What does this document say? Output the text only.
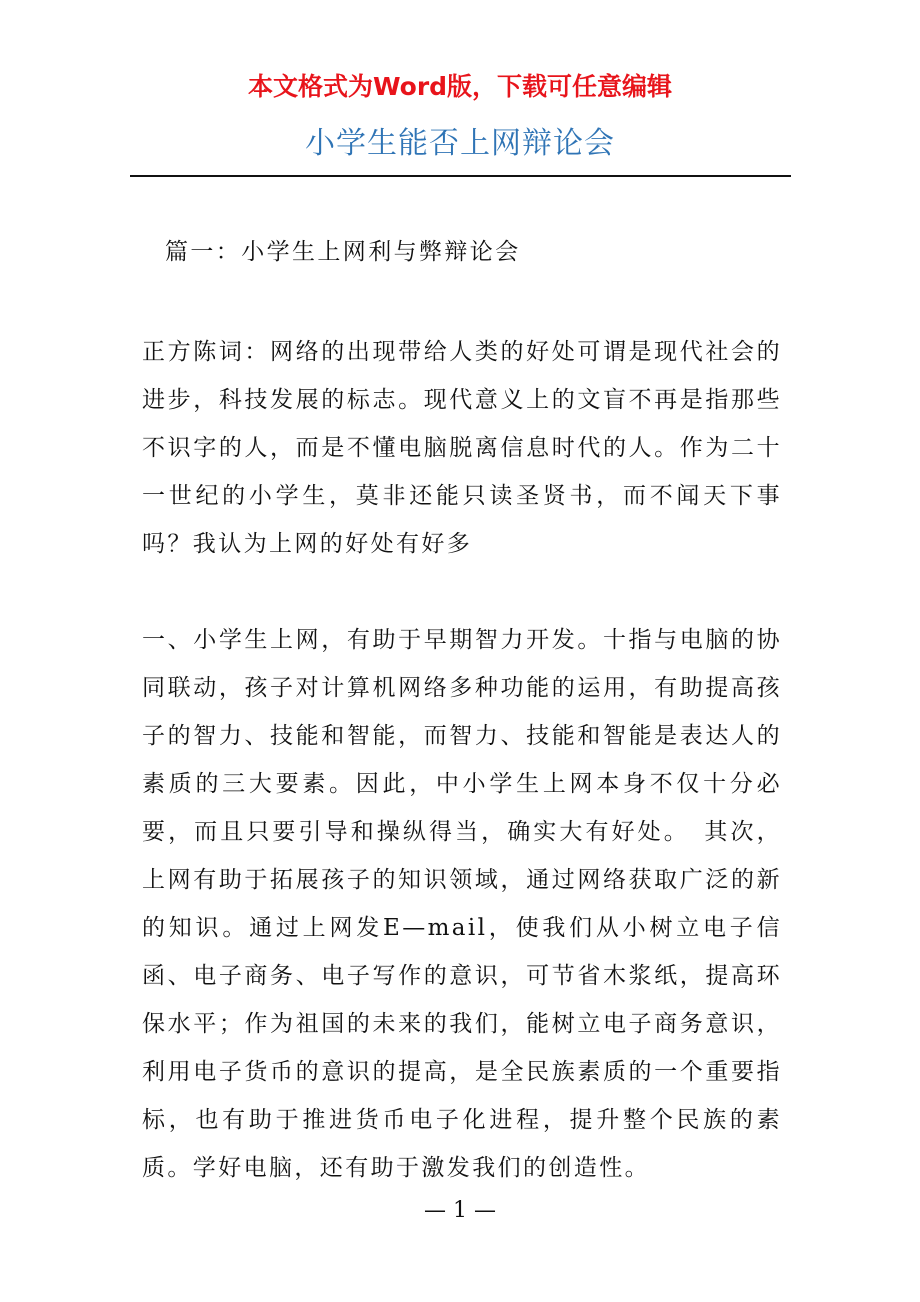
本文格式为Word版，下载可任意编辑
小学生能否上网辩论会

篇一：小学生上网利与弊辩论会

正方陈词：网络的出现带给人类的好处可谓是现代社会的进步，科技发展的标志。现代意义上的文盲不再是指那些不识字的人，而是不懂电脑脱离信息时代的人。作为二十一世纪的小学生，莫非还能只读圣贤书，而不闻天下事吗？我认为上网的好处有好多

一、小学生上网，有助于早期智力开发。十指与电脑的协同联动，孩子对计算机网络多种功能的运用，有助提高孩子的智力、技能和智能，而智力、技能和智能是表达人的素质的三大要素。因此，中小学生上网本身不仅十分必要，而且只要引导和操纵得当，确实大有好处。　其次，上网有助于拓展孩子的知识领域，通过网络获取广泛的新的知识。通过上网发E—mail，使我们从小树立电子信函、电子商务、电子写作的意识，可节省木浆纸，提高环保水平；作为祖国的未来的我们，能树立电子商务意识，利用电子货币的意识的提高，是全民族素质的一个重要指标，也有助于推进货币电子化进程，提升整个民族的素质。学好电脑，还有助于激发我们的创造性。

— 1 —
